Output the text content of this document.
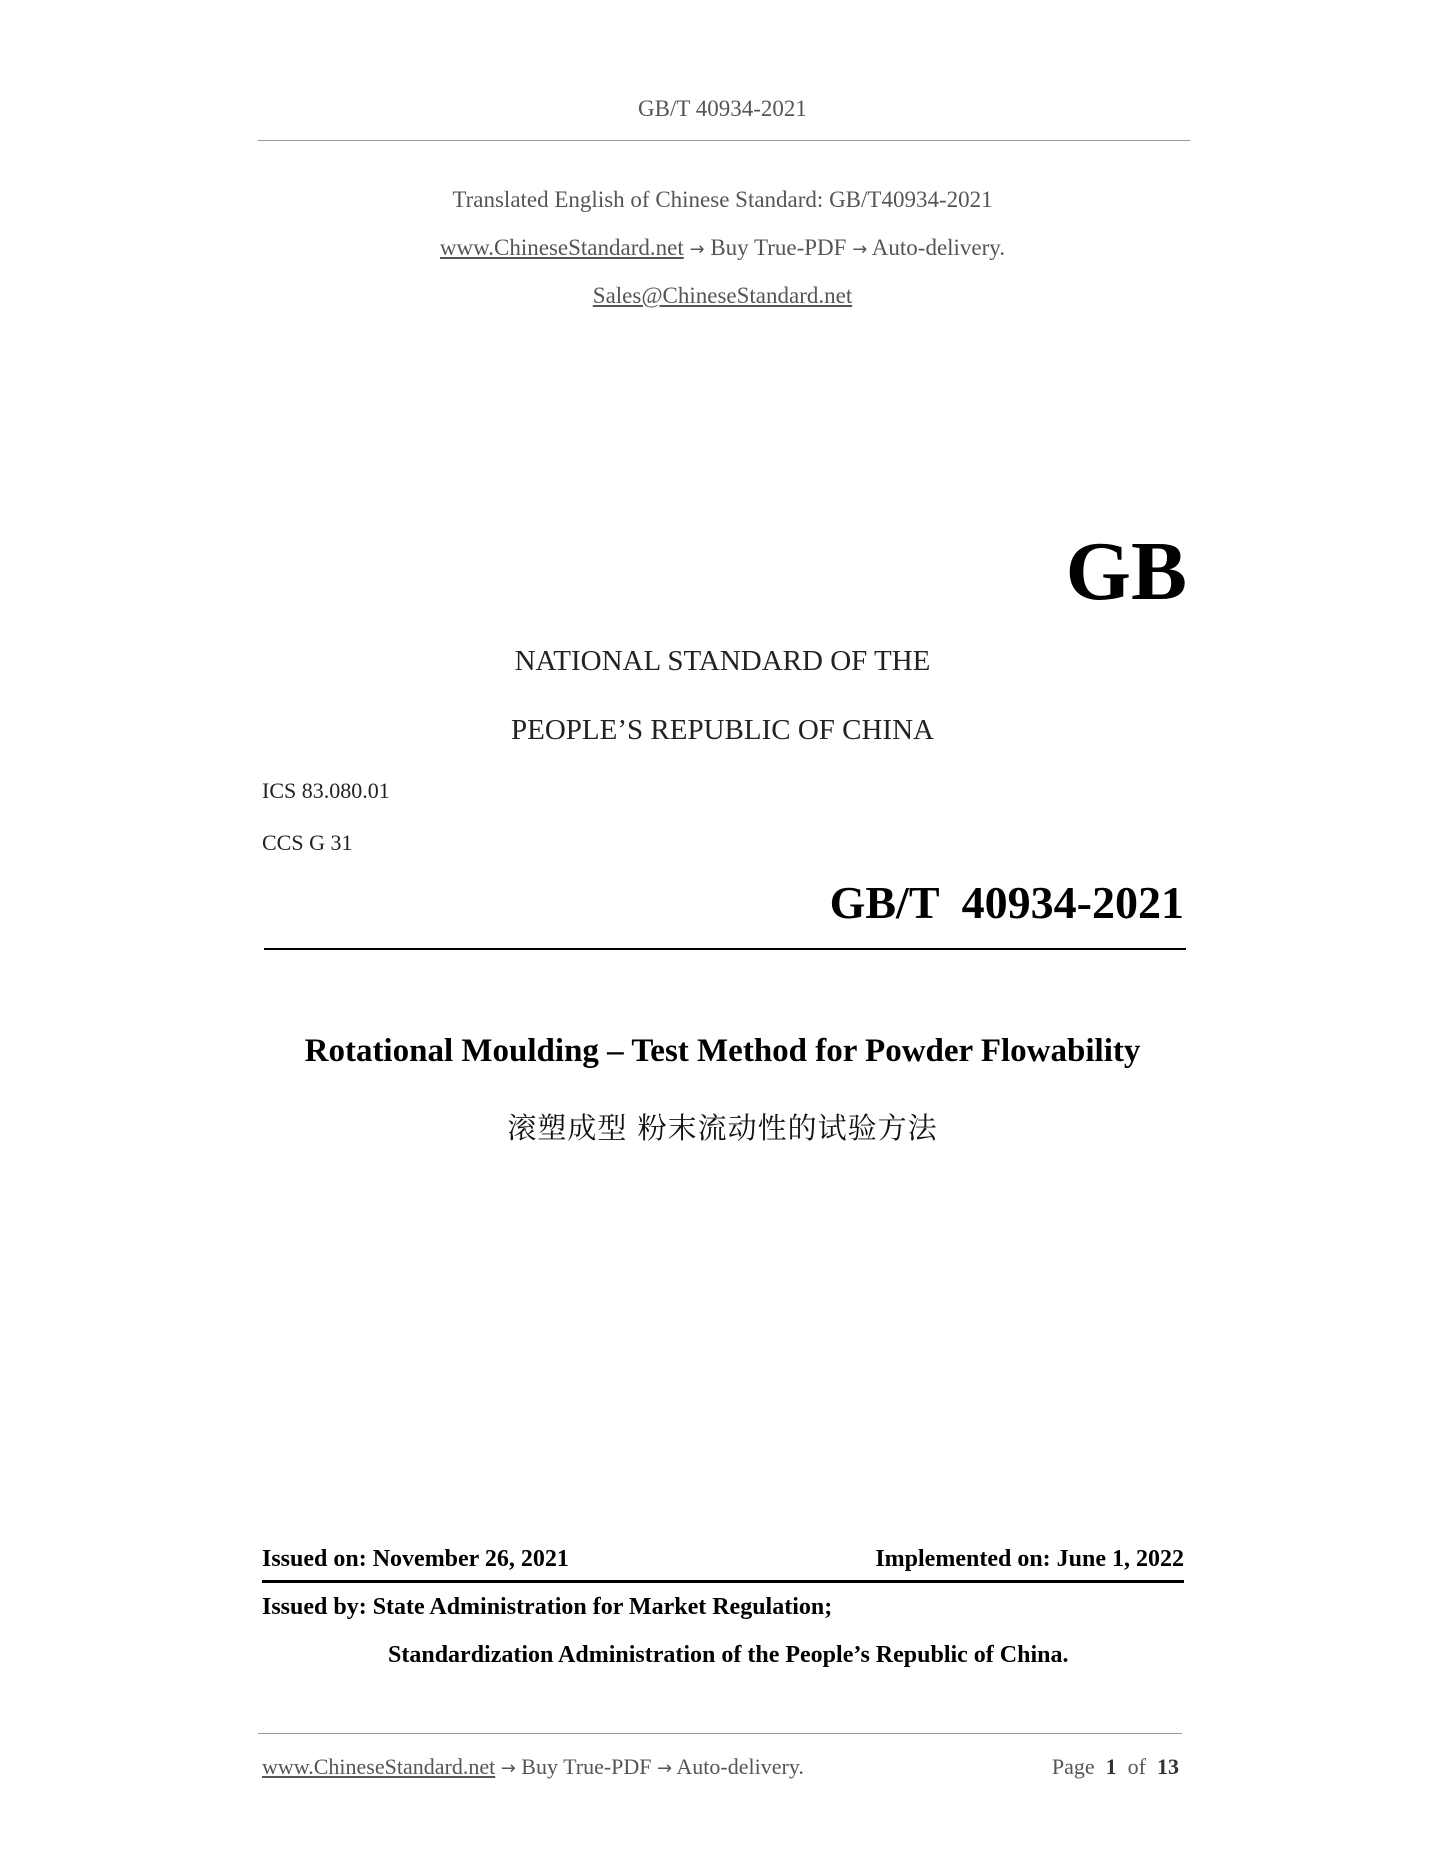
GB/T 40934-2021
Translated English of Chinese Standard: GB/T40934-2021
www.ChineseStandard.net → Buy True-PDF → Auto-delivery.
Sales@ChineseStandard.net
GB
NATIONAL STANDARD OF THE
PEOPLE’S REPUBLIC OF CHINA
ICS 83.080.01
CCS G 31
GB/T  40934-2021
Rotational Moulding – Test Method for Powder Flowability
滚塑成型 粉末流动性的试验方法
Issued on: November 26, 2021	Implemented on: June 1, 2022
Issued by: State Administration for Market Regulation;
Standardization Administration of the People’s Republic of China.
www.ChineseStandard.net → Buy True-PDF → Auto-delivery.	Page 1 of 13
